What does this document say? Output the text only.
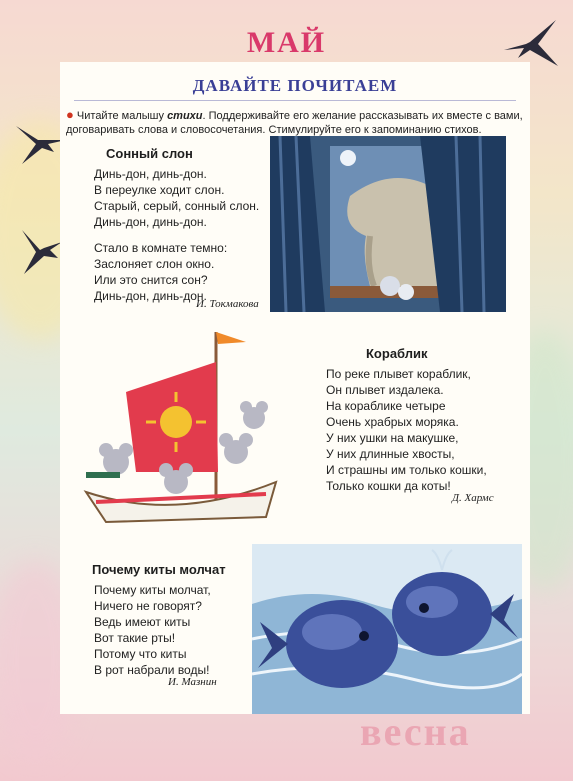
МАЙ
ДАВАЙТЕ ПОЧИТАЕМ
● Читайте малышу стихи. Поддерживайте его желание рассказывать их вместе с вами, договаривать слова и словосочетания. Стимулируйте его к запоминанию стихов.
Сонный слон
Динь-дон, динь-дон.
В переулке ходит слон.
Старый, серый, сонный слон.
Динь-дон, динь-дон.
Стало в комнате темно:
Заслоняет слон окно.
Или это снится сон?
Динь-дон, динь-дон.
И. Токмакова
Кораблик
По реке плывет кораблик,
Он плывет издалека.
На кораблике четыре
Очень храбрых моряка.
У них ушки на макушке,
У них длинные хвосты,
И страшны им только кошки,
Только кошки да коты!
Д. Хармс
Почему киты молчат
Почему киты молчат,
Ничего не говорят?
Ведь имеют киты
Вот такие рты!
Потому что киты
В рот набрали воды!
И. Мазнин
весна
